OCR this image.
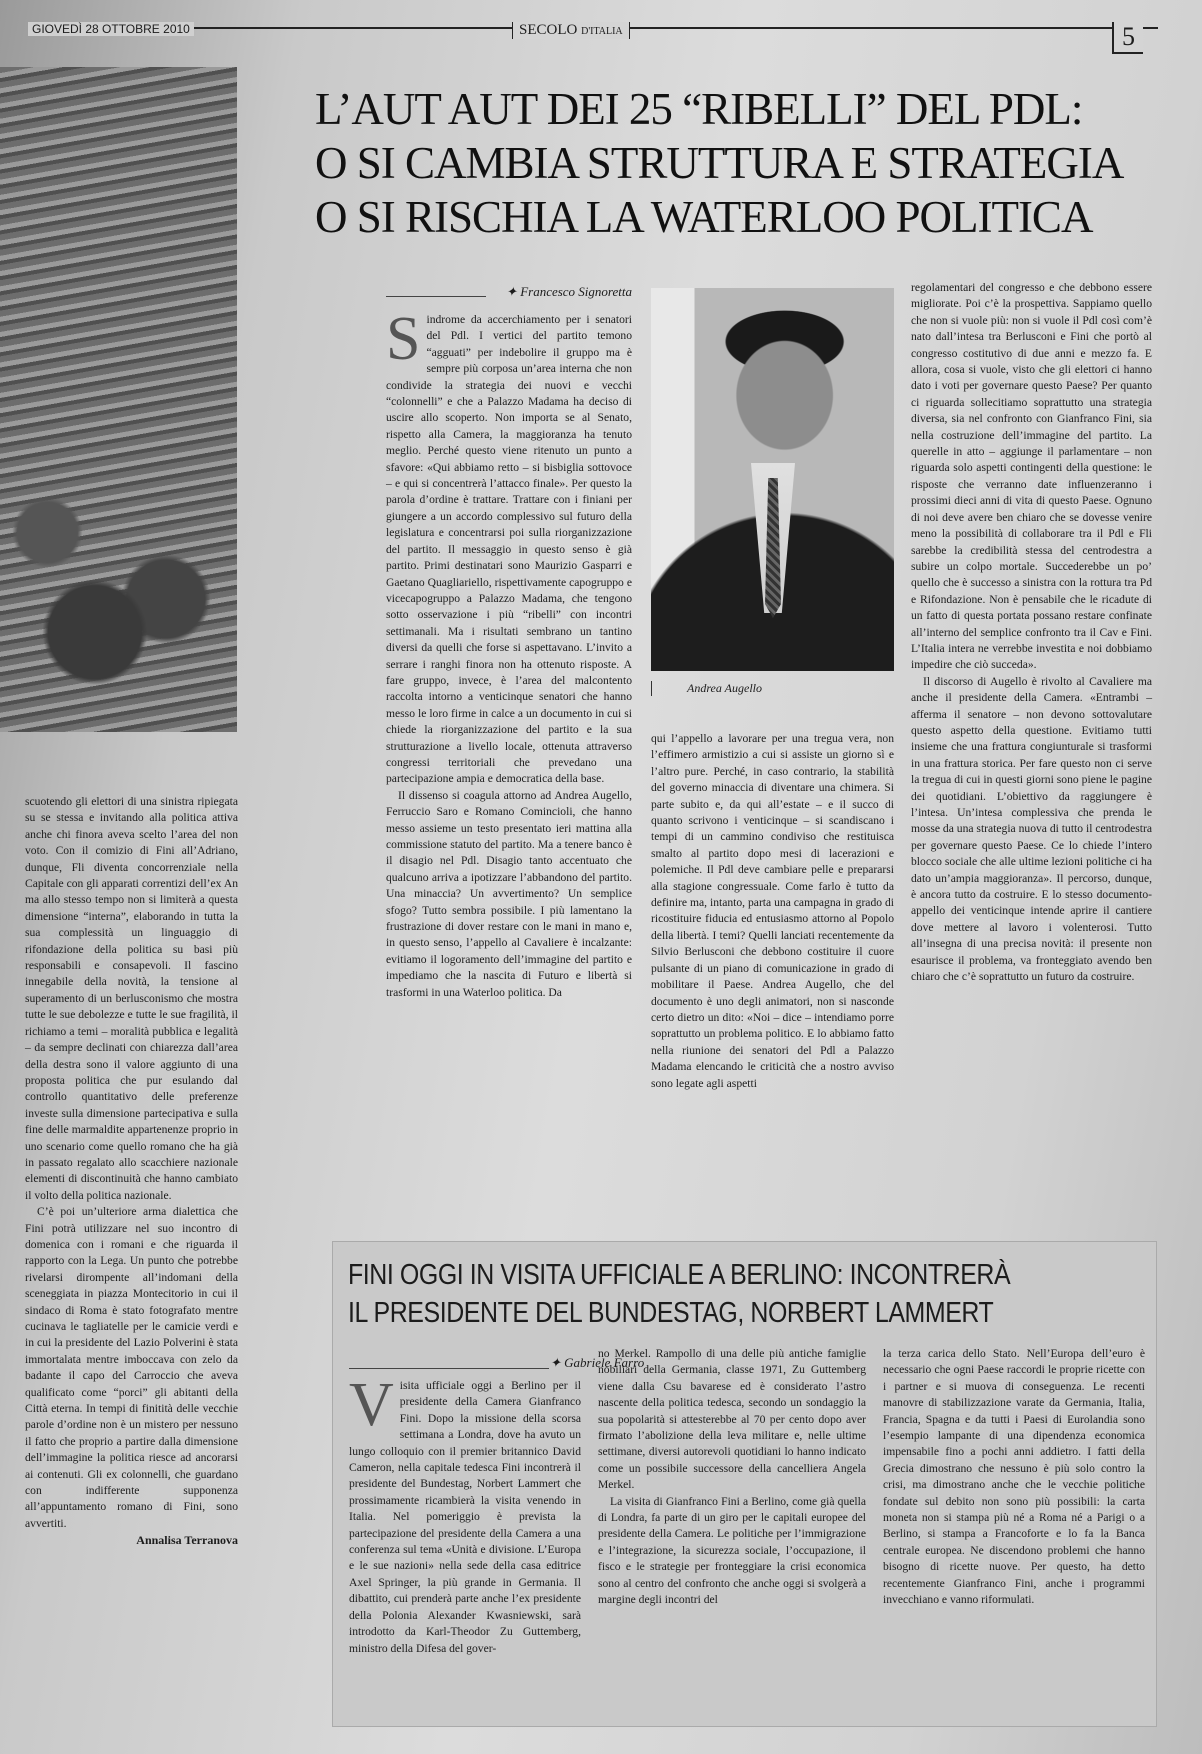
GIOVEDÌ 28 OTTOBRE 2010	SECOLO D'ITALIA	5
L’AUT AUT DEI 25 “RIBELLI” DEL PDL:
O SI CAMBIA STRUTTURA E STRATEGIA
O SI RISCHIA LA WATERLOO POLITICA
✦ Francesco Signoretta

Sindrome da accerchiamento per i senatori del Pdl. I vertici del partito temono “agguati” per indebolire il gruppo ma è sempre più corposa un’area interna che non condivide la strategia dei nuovi e vecchi “colonnelli” e che a Palazzo Madama ha deciso di uscire allo scoperto. Non importa se al Senato, rispetto alla Camera, la maggioranza ha tenuto meglio. Perché questo viene ritenuto un punto a sfavore: «Qui abbiamo retto – si bisbiglia sottovoce – e qui si concentrerà l’attacco finale». Per questo la parola d’ordine è trattare. Trattare con i finiani per giungere a un accordo complessivo sul futuro della legislatura e concentrarsi poi sulla riorganizzazione del partito. Il messaggio in questo senso è già partito. Primi destinatari sono Maurizio Gasparri e Gaetano Quagliariello, rispettivamente capogruppo e vicecapogruppo a Palazzo Madama, che tengono sotto osservazione i più “ribelli” con incontri settimanali. Ma i risultati sembrano un tantino diversi da quelli che forse si aspettavano. L’invito a serrare i ranghi finora non ha ottenuto risposte. A fare gruppo, invece, è l’area del malcontento raccolta intorno a venticinque senatori che hanno messo le loro firme in calce a un documento in cui si chiede la riorganizzazione del partito e la sua strutturazione a livello locale, ottenuta attraverso congressi territoriali che prevedano una partecipazione ampia e democratica della base.

Il dissenso si coagula attorno ad Andrea Augello, Ferruccio Saro e Romano Comincioli, che hanno messo assieme un testo presentato ieri mattina alla commissione statuto del partito. Ma a tenere banco è il disagio nel Pdl. Disagio tanto accentuato che qualcuno arriva a ipotizzare l’abbandono del partito. Una minaccia? Un avvertimento? Un semplice sfogo? Tutto sembra possibile. I più lamentano la frustrazione di dover restare con le mani in mano e, in questo senso, l’appello al Cavaliere è incalzante: evitiamo il logoramento dell’immagine del partito e impediamo che la nascita di Futuro e libertà si trasformi in una Waterloo politica. Da

Andrea Augello

qui l’appello a lavorare per una tregua vera, non l’effimero armistizio a cui si assiste un giorno sì e l’altro pure. Perché, in caso contrario, la stabilità del governo minaccia di diventare una chimera. Si parte subito e, da qui all’estate – e il succo di quanto scrivono i venticinque – si scandiscano i tempi di un cammino condiviso che restituisca smalto al partito dopo mesi di lacerazioni e polemiche. Il Pdl deve cambiare pelle e prepararsi alla stagione congressuale. Come farlo è tutto da definire ma, intanto, parta una campagna in grado di ricostituire fiducia ed entusiasmo attorno al Popolo della libertà. I temi? Quelli lanciati recentemente da Silvio Berlusconi che debbono costituire il cuore pulsante di un piano di comunicazione in grado di mobilitare il Paese. Andrea Augello, che del documento è uno degli animatori, non si nasconde certo dietro un dito: «Noi – dice – intendiamo porre soprattutto un problema politico. E lo abbiamo fatto nella riunione dei senatori del Pdl a Palazzo Madama elencando le criticità che a nostro avviso sono legate agli aspetti

regolamentari del congresso e che debbono essere migliorate. Poi c’è la prospettiva. Sappiamo quello che non si vuole più: non si vuole il Pdl così com’è nato dall’intesa tra Berlusconi e Fini che portò al congresso costitutivo di due anni e mezzo fa. E allora, cosa si vuole, visto che gli elettori ci hanno dato i voti per governare questo Paese? Per quanto ci riguarda sollecitiamo soprattutto una strategia diversa, sia nel confronto con Gianfranco Fini, sia nella costruzione dell’immagine del partito. La querelle in atto – aggiunge il parlamentare – non riguarda solo aspetti contingenti della questione: le risposte che verranno date influenzeranno i prossimi dieci anni di vita di questo Paese. Ognuno di noi deve avere ben chiaro che se dovesse venire meno la possibilità di collaborare tra il Pdl e Fli sarebbe la credibilità stessa del centrodestra a subire un colpo mortale. Succederebbe un po’ quello che è successo a sinistra con la rottura tra Pd e Rifondazione. Non è pensabile che le ricadute di un fatto di questa portata possano restare confinate all’interno del semplice confronto tra il Cav e Fini. L’Italia intera ne verrebbe investita e noi dobbiamo impedire che ciò succeda».

Il discorso di Augello è rivolto al Cavaliere ma anche il presidente della Camera. «Entrambi – afferma il senatore – non devono sottovalutare questo aspetto della questione. Evitiamo tutti insieme che una frattura congiunturale si trasformi in una frattura storica. Per fare questo non ci serve la tregua di cui in questi giorni sono piene le pagine dei quotidiani. L’obiettivo da raggiungere è l’intesa. Un’intesa complessiva che prenda le mosse da una strategia nuova di tutto il centrodestra per governare questo Paese. Ce lo chiede l’intero blocco sociale che alle ultime lezioni politiche ci ha dato un’ampia maggioranza». Il percorso, dunque, è ancora tutto da costruire. E lo stesso documento-appello dei venticinque intende aprire il cantiere dove mettere al lavoro i volenterosi. Tutto all’insegna di una precisa novità: il presente non esaurisce il problema, va fronteggiato avendo ben chiaro che c’è soprattutto un futuro da costruire.

scuotendo gli elettori di una sinistra ripiegata su se stessa e invitando alla politica attiva anche chi finora aveva scelto l’area del non voto. Con il comizio di Fini all’Adriano, dunque, Fli diventa concorrenziale nella Capitale con gli apparati correntizi dell’ex An ma allo stesso tempo non si limiterà a questa dimensione “interna”, elaborando in tutta la sua complessità un linguaggio di rifondazione della politica su basi più responsabili e consapevoli. Il fascino innegabile della novità, la tensione al superamento di un berlusconismo che mostra tutte le sue debolezze e tutte le sue fragilità, il richiamo a temi – moralità pubblica e legalità – da sempre declinati con chiarezza dall’area della destra sono il valore aggiunto di una proposta politica che pur esulando dal controllo quantitativo delle preferenze investe sulla dimensione partecipativa e sulla fine delle marmaldite appartenenze proprio in uno scenario come quello romano che ha già in passato regalato allo scacchiere nazionale elementi di discontinuità che hanno cambiato il volto della politica nazionale.

C’è poi un’ulteriore arma dialettica che Fini potrà utilizzare nel suo incontro di domenica con i romani e che riguarda il rapporto con la Lega. Un punto che potrebbe rivelarsi dirompente all’indomani della sceneggiata in piazza Montecitorio in cui il sindaco di Roma è stato fotografato mentre cucinava le tagliatelle per le camicie verdi e in cui la presidente del Lazio Polverini è stata immortalata mentre imboccava con zelo da badante il capo del Carroccio che aveva qualificato come “porci” gli abitanti della Città eterna. In tempi di finitità delle vecchie parole d’ordine non è un mistero per nessuno il fatto che proprio a partire dalla dimensione dell’immagine la politica riesce ad ancorarsi ai contenuti. Gli ex colonnelli, che guardano con indifferente supponenza all’appuntamento romano di Fini, sono avvertiti.

Annalisa Terranova
FINI OGGI IN VISITA UFFICIALE A BERLINO: INCONTRERÀ
IL PRESIDENTE DEL BUNDESTAG, NORBERT LAMMERT
✦ Gabriele Farro

Visita ufficiale oggi a Berlino per il presidente della Camera Gianfranco Fini. Dopo la missione della scorsa settimana a Londra, dove ha avuto un lungo colloquio con il premier britannico David Cameron, nella capitale tedesca Fini incontrerà il presidente del Bundestag, Norbert Lammert che prossimamente ricambierà la visita venendo in Italia. Nel pomeriggio è prevista la partecipazione del presidente della Camera a una conferenza sul tema «Unità e divisione. L’Europa e le sue nazioni» nella sede della casa editrice Axel Springer, la più grande in Germania. Il dibattito, cui prenderà parte anche l’ex presidente della Polonia Alexander Kwasniewski, sarà introdotto da Karl-Theodor Zu Guttemberg, ministro della Difesa del gover-

no Merkel. Rampollo di una delle più antiche famiglie nobiliari della Germania, classe 1971, Zu Guttemberg viene dalla Csu bavarese ed è considerato l’astro nascente della politica tedesca, secondo un sondaggio la sua popolarità si attesterebbe al 70 per cento dopo aver firmato l’abolizione della leva militare e, nelle ultime settimane, diversi autorevoli quotidiani lo hanno indicato come un possibile successore della cancelliera Angela Merkel.

La visita di Gianfranco Fini a Berlino, come già quella di Londra, fa parte di un giro per le capitali europee del presidente della Camera. Le politiche per l’immigrazione e l’integrazione, la sicurezza sociale, l’occupazione, il fisco e le strategie per fronteggiare la crisi economica sono al centro del confronto che anche oggi si svolgerà a margine degli incontri del

la terza carica dello Stato. Nell’Europa dell’euro è necessario che ogni Paese raccordi le proprie ricette con i partner e si muova di conseguenza. Le recenti manovre di stabilizzazione varate da Germania, Italia, Francia, Spagna e da tutti i Paesi di Eurolandia sono l’esempio lampante di una dipendenza economica impensabile fino a pochi anni addietro. I fatti della Grecia dimostrano che nessuno è più solo contro la crisi, ma dimostrano anche che le vecchie politiche fondate sul debito non sono più possibili: la carta moneta non si stampa più né a Roma né a Parigi o a Berlino, si stampa a Francoforte e lo fa la Banca centrale europea. Ne discendono problemi che hanno bisogno di ricette nuove. Per questo, ha detto recentemente Gianfranco Fini, anche i programmi invecchiano e vanno riformulati.
